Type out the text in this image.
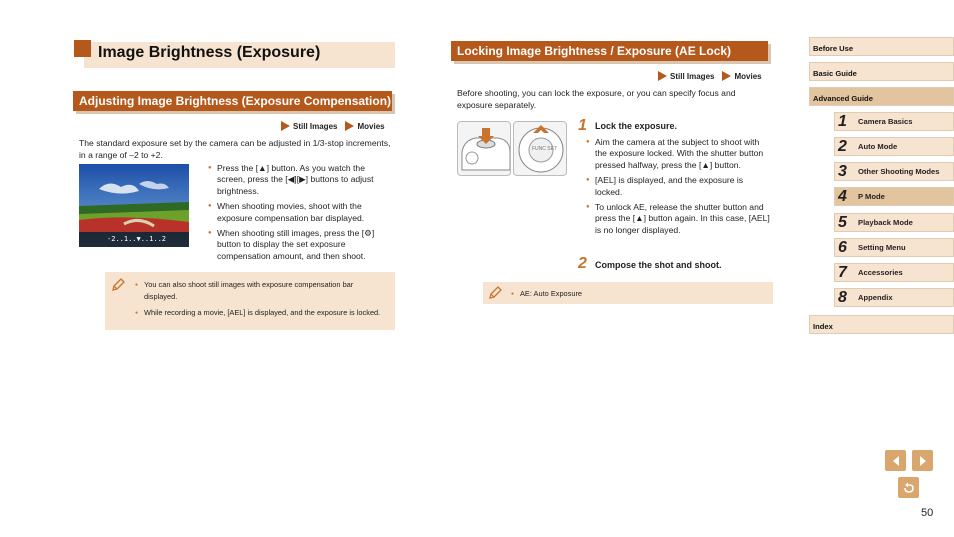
Image Brightness (Exposure)
Adjusting Image Brightness (Exposure Compensation)
Still Images	Movies
The standard exposure set by the camera can be adjusted in 1/3-stop increments, in a range of –2 to +2.
-2..1..▼..1..2
● Press the [▲] button. As you watch the screen, press the [◀][▶] buttons to adjust brightness.
● When shooting movies, shoot with the exposure compensation bar displayed.
● When shooting still images, press the [⚙] button to display the set exposure compensation amount, and then shoot.
● You can also shoot still images with exposure compensation bar displayed.
● While recording a movie, [AEL] is displayed, and the exposure is locked.
Locking Image Brightness / Exposure (AE Lock)
Still Images	Movies
Before shooting, you can lock the exposure, or you can specify focus and exposure separately.
FUNC SET
1 Lock the exposure.
● Aim the camera at the subject to shoot with the exposure locked. With the shutter button pressed halfway, press the [▲] button.
● [AEL] is displayed, and the exposure is locked.
● To unlock AE, release the shutter button and press the [▲] button again. In this case, [AEL] is no longer displayed.
2 Compose the shot and shoot.
● AE: Auto Exposure
Before Use
Basic Guide
Advanced Guide
1	Camera Basics
2	Auto Mode
3	Other Shooting Modes
4	P Mode
5	Playback Mode
6	Setting Menu
7	Accessories
8	Appendix
Index
50
